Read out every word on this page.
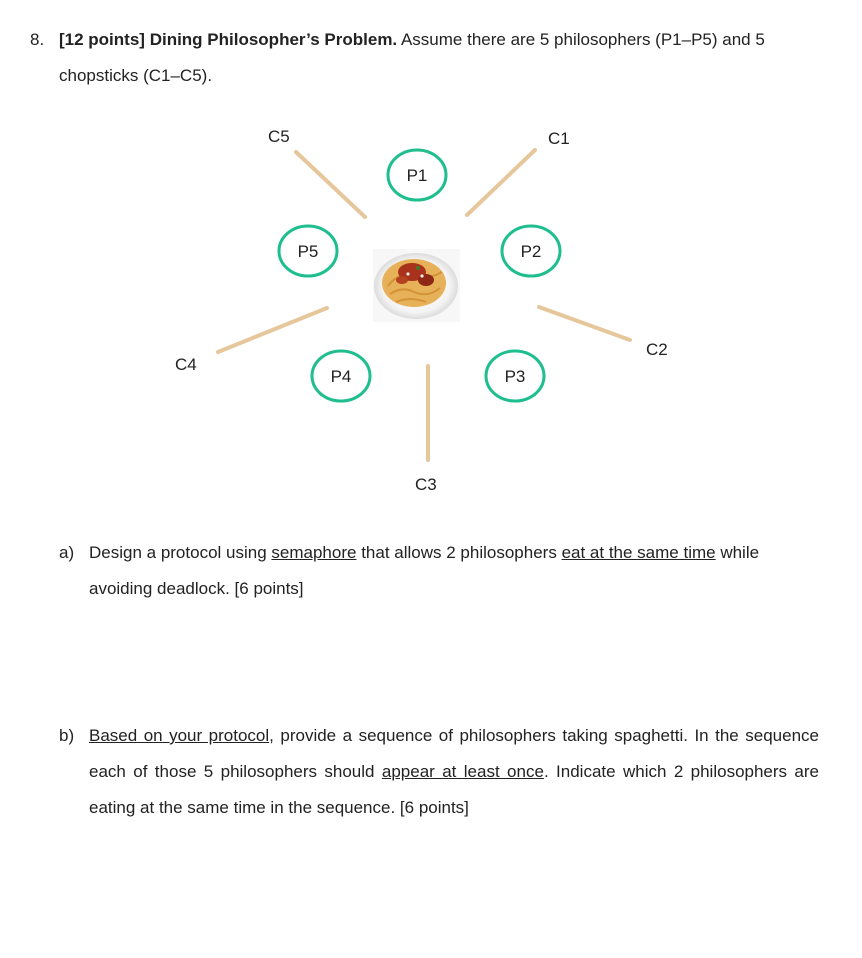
8. [12 points] Dining Philosopher’s Problem. Assume there are 5 philosophers (P1–P5) and 5 chopsticks (C1–C5).

C5	C1
C2
C3
C4
P1
P2
P3
P4
P5
a) Design a protocol using semaphore that allows 2 philosophers eat at the same time while avoiding deadlock. [6 points]

b) Based on your protocol, provide a sequence of philosophers taking spaghetti. In the sequence each of those 5 philosophers should appear at least once. Indicate which 2 philosophers are eating at the same time in the sequence. [6 points]
